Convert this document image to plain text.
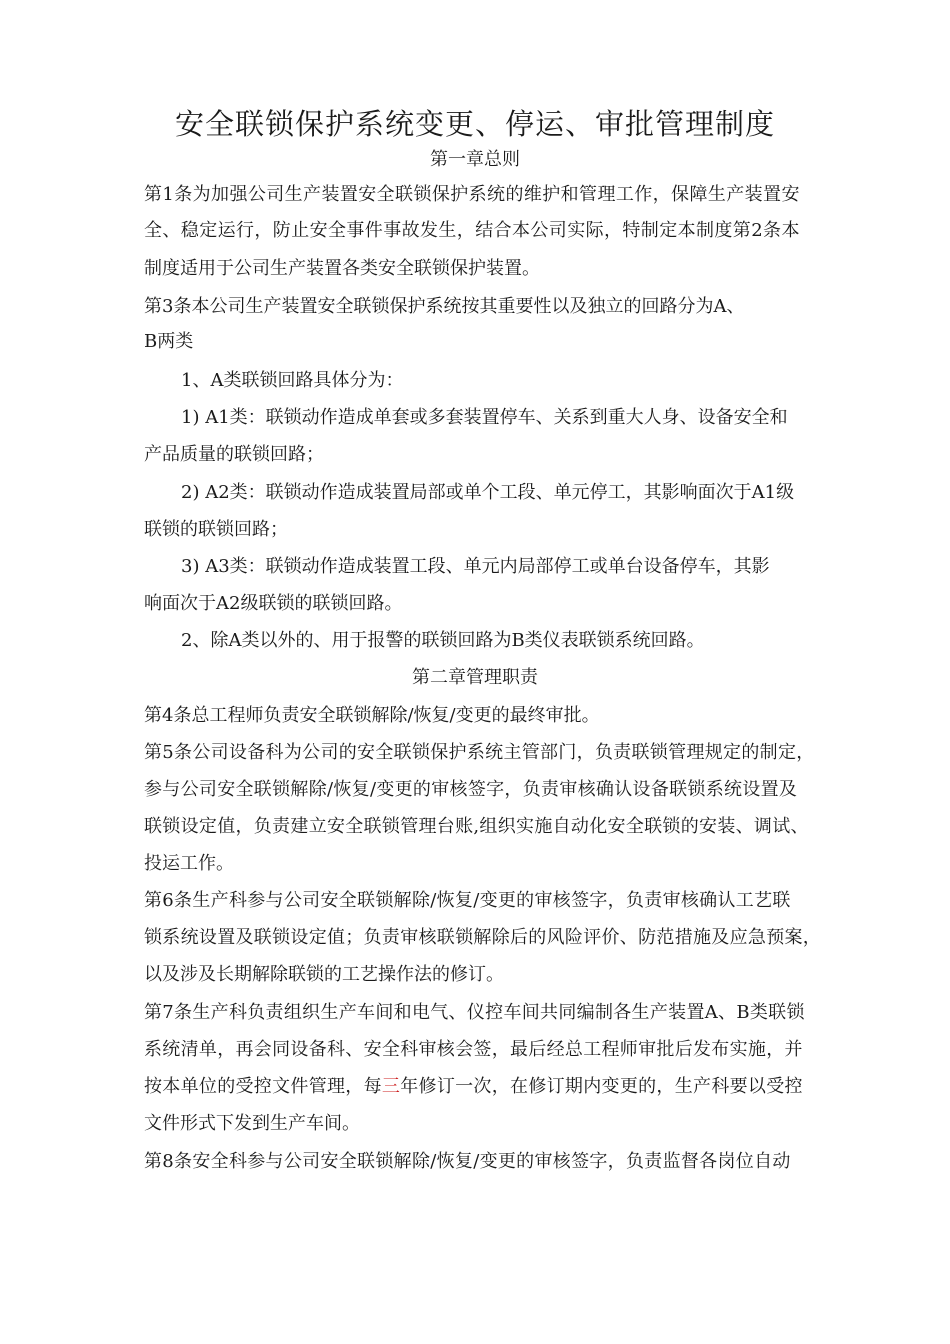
安全联锁保护系统变更、停运、审批管理制度
第一章总则
第1条为加强公司生产装置安全联锁保护系统的维护和管理工作，保障生产装置安
全、稳定运行，防止安全事件事故发生，结合本公司实际，特制定本制度第2条本
制度适用于公司生产装置各类安全联锁保护装置。
第3条本公司生产装置安全联锁保护系统按其重要性以及独立的回路分为A、
B两类
1、A类联锁回路具体分为：
1) A1类：联锁动作造成单套或多套装置停车、关系到重大人身、设备安全和
产品质量的联锁回路；
2) A2类：联锁动作造成装置局部或单个工段、单元停工，其影响面次于A1级
联锁的联锁回路；
3) A3类：联锁动作造成装置工段、单元内局部停工或单台设备停车，其影
响面次于A2级联锁的联锁回路。
2、除A类以外的、用于报警的联锁回路为B类仪表联锁系统回路。
第二章管理职责
第4条总工程师负责安全联锁解除/恢复/变更的最终审批。
第5条公司设备科为公司的安全联锁保护系统主管部门，负责联锁管理规定的制定，
参与公司安全联锁解除/恢复/变更的审核签字，负责审核确认设备联锁系统设置及
联锁设定值，负责建立安全联锁管理台账,组织实施自动化安全联锁的安装、调试、
投运工作。
第6条生产科参与公司安全联锁解除/恢复/变更的审核签字，负责审核确认工艺联
锁系统设置及联锁设定值；负责审核联锁解除后的风险评价、防范措施及应急预案，
以及涉及长期解除联锁的工艺操作法的修订。
第7条生产科负责组织生产车间和电气、仪控车间共同编制各生产装置A、B类联锁
系统清单，再会同设备科、安全科审核会签，最后经总工程师审批后发布实施，并
按本单位的受控文件管理，每三年修订一次，在修订期内变更的，生产科要以受控
文件形式下发到生产车间。
第8条安全科参与公司安全联锁解除/恢复/变更的审核签字，负责监督各岗位自动
